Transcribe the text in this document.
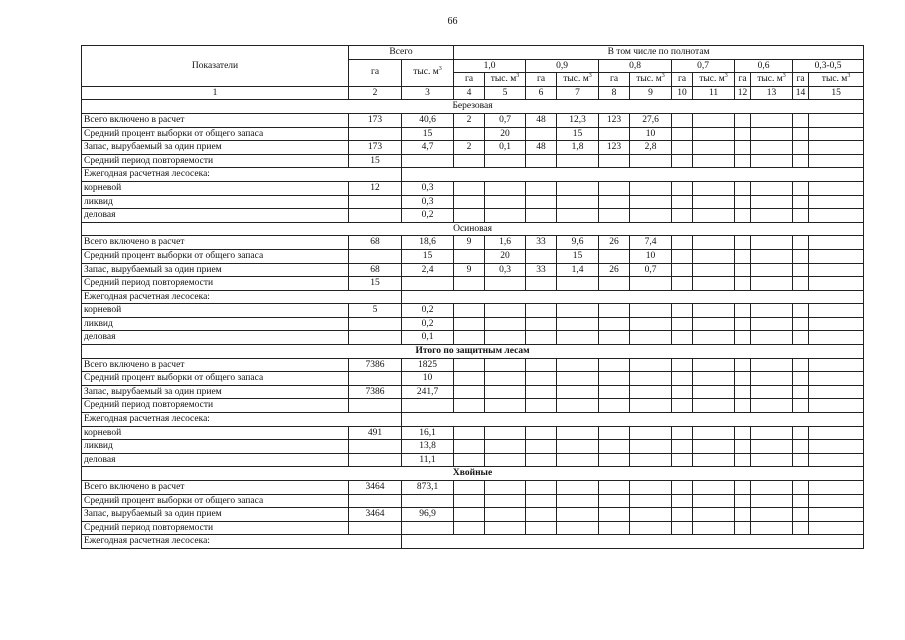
66
Показатели	Всего		В том числе по полнотам											
	га	тыс. $м^3$	1,0		0,9		0,8		0,7		0,6		0,3-0,5	
			га	тыс. $м^3$	га	тыс. $м^3$	га	тыс. $м^3$	га	тыс. $м^3$	га	тыс. $м^3$	га	тыс. $м^3$
1	2	3	4	5	6	7	8	9	10	11	12	13	14	15
Березовая														
Всего включено в расчет	173	40,6	2	0,7	48	12,3	123	27,6						
Средний процент выборки от общего запаса		15		20		15		10						
Запас, вырубаемый за один прием	173	4,7	2	0,1	48	1,8	123	2,8						
Средний период повторяемости	15													
Ежегодная расчетная лесосека:														
корневой	12	0,3												
ликвид		0,3												
деловая		0,2												
Осиновая														
Всего включено в расчет	68	18,6	9	1,6	33	9,6	26	7,4						
Средний процент выборки от общего запаса		15		20		15		10						
Запас, вырубаемый за один прием	68	2,4	9	0,3	33	1,4	26	0,7						
Средний период повторяемости	15													
Ежегодная расчетная лесосека:														
корневой	5	0,2												
ликвид		0,2												
деловая		0,1												
Итого по защитным лесам														
Всего включено в расчет	7386	1825												
Средний процент выборки от общего запаса		10												
Запас, вырубаемый за один прием	7386	241,7												
Средний период повторяемости														
Ежегодная расчетная лесосека:														
корневой	491	16,1												
ликвид		13,8												
деловая		11,1												
Хвойные														
Всего включено в расчет	3464	873,1												
Средний процент выборки от общего запаса														
Запас, вырубаемый за один прием	3464	96,9												
Средний период повторяемости														
Ежегодная расчетная лесосека:														
